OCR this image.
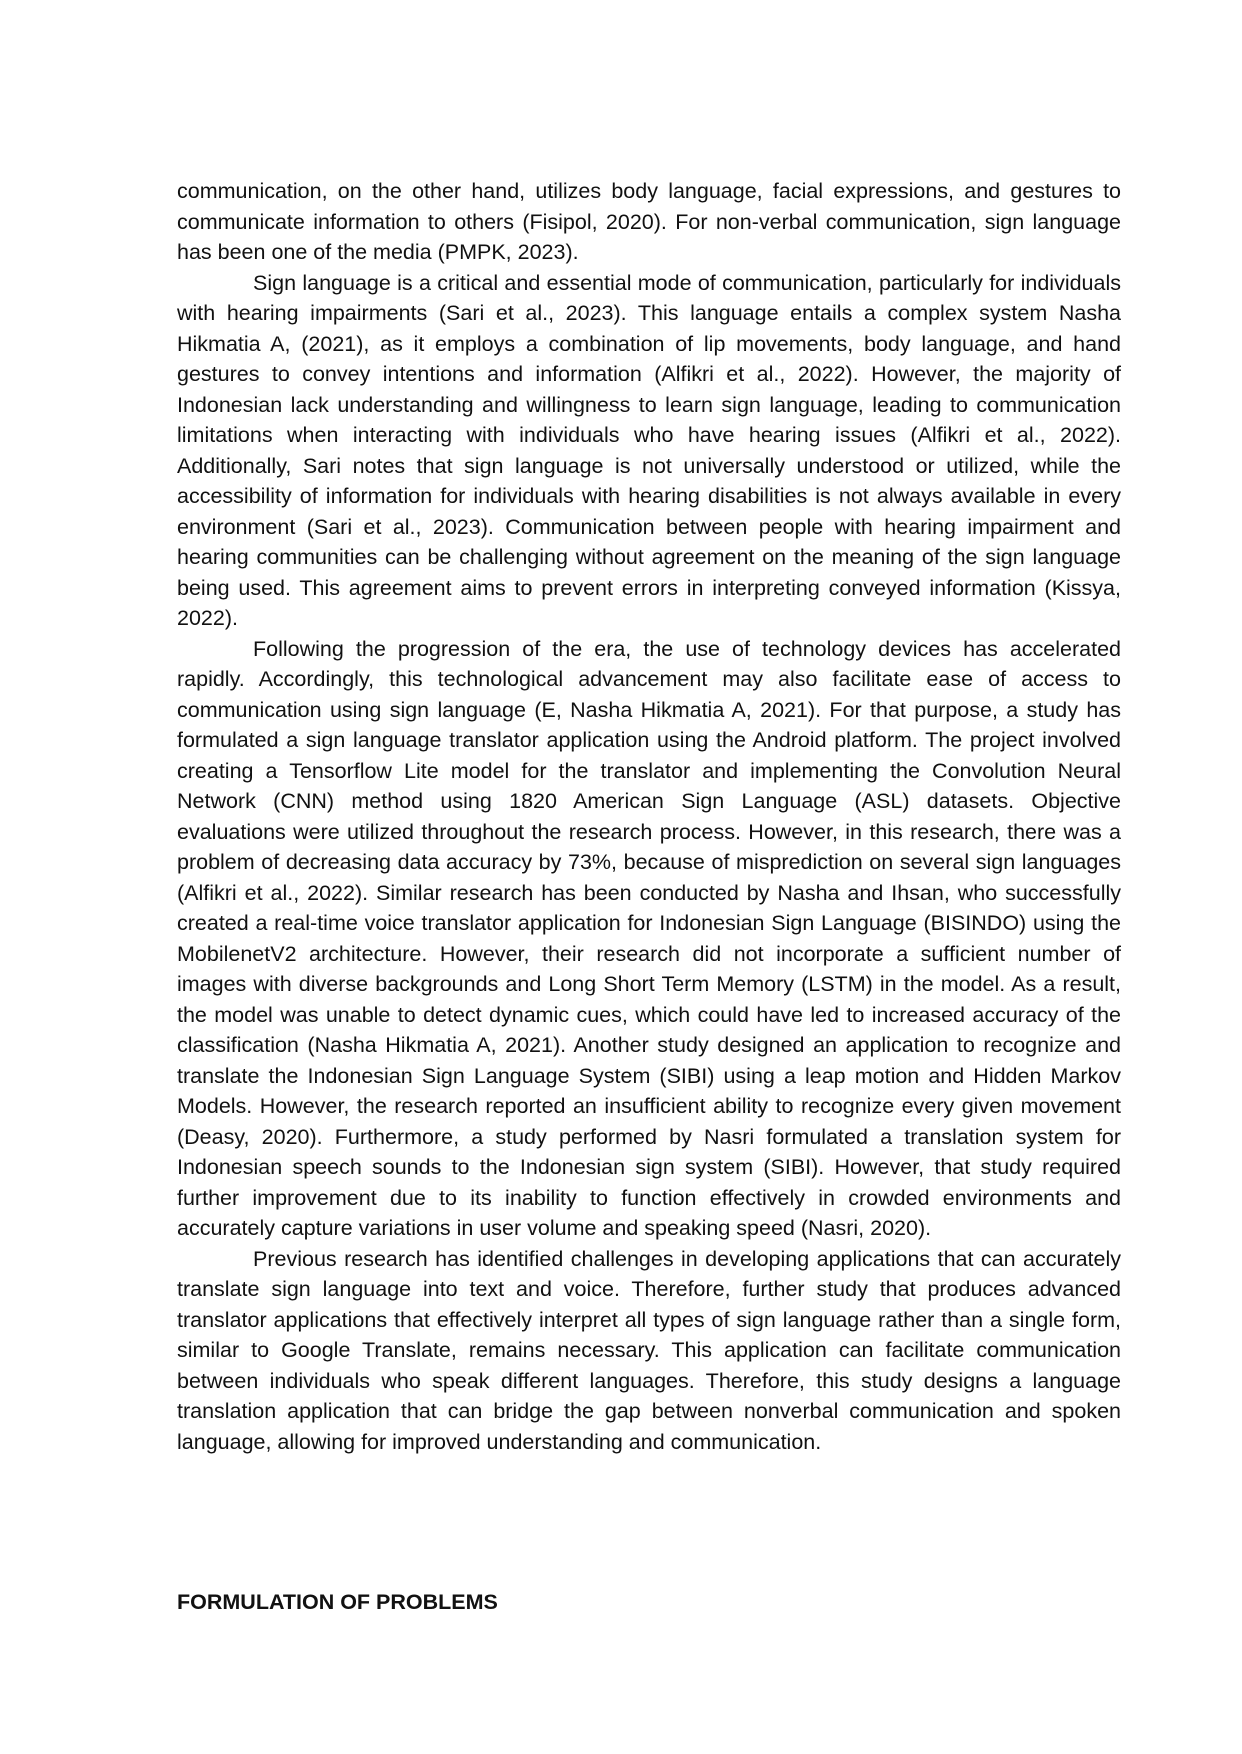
communication, on the other hand, utilizes body language, facial expressions, and gestures to communicate information to others (Fisipol, 2020). For non-verbal communication, sign language has been one of the media (PMPK, 2023).

Sign language is a critical and essential mode of communication, particularly for individuals with hearing impairments (Sari et al., 2023). This language entails a complex system Nasha Hikmatia A, (2021), as it employs a combination of lip movements, body language, and hand gestures to convey intentions and information (Alfikri et al., 2022). However, the majority of Indonesian lack understanding and willingness to learn sign language, leading to communication limitations when interacting with individuals who have hearing issues (Alfikri et al., 2022). Additionally, Sari notes that sign language is not universally understood or utilized, while the accessibility of information for individuals with hearing disabilities is not always available in every environment (Sari et al., 2023). Communication between people with hearing impairment and hearing communities can be challenging without agreement on the meaning of the sign language being used. This agreement aims to prevent errors in interpreting conveyed information (Kissya, 2022).

Following the progression of the era, the use of technology devices has accelerated rapidly. Accordingly, this technological advancement may also facilitate ease of access to communication using sign language (E, Nasha Hikmatia A, 2021). For that purpose, a study has formulated a sign language translator application using the Android platform. The project involved creating a Tensorflow Lite model for the translator and implementing the Convolution Neural Network (CNN) method using 1820 American Sign Language (ASL) datasets. Objective evaluations were utilized throughout the research process. However, in this research, there was a problem of decreasing data accuracy by 73%, because of misprediction on several sign languages (Alfikri et al., 2022). Similar research has been conducted by Nasha and Ihsan, who successfully created a real-time voice translator application for Indonesian Sign Language (BISINDO) using the MobilenetV2 architecture. However, their research did not incorporate a sufficient number of images with diverse backgrounds and Long Short Term Memory (LSTM) in the model. As a result, the model was unable to detect dynamic cues, which could have led to increased accuracy of the classification (Nasha Hikmatia A, 2021). Another study designed an application to recognize and translate the Indonesian Sign Language System (SIBI) using a leap motion and Hidden Markov Models. However, the research reported an insufficient ability to recognize every given movement (Deasy, 2020). Furthermore, a study performed by Nasri formulated a translation system for Indonesian speech sounds to the Indonesian sign system (SIBI). However, that study required further improvement due to its inability to function effectively in crowded environments and accurately capture variations in user volume and speaking speed (Nasri, 2020).

Previous research has identified challenges in developing applications that can accurately translate sign language into text and voice. Therefore, further study that produces advanced translator applications that effectively interpret all types of sign language rather than a single form, similar to Google Translate, remains necessary. This application can facilitate communication between individuals who speak different languages. Therefore, this study designs a language translation application that can bridge the gap between nonverbal communication and spoken language, allowing for improved understanding and communication.

FORMULATION OF PROBLEMS
